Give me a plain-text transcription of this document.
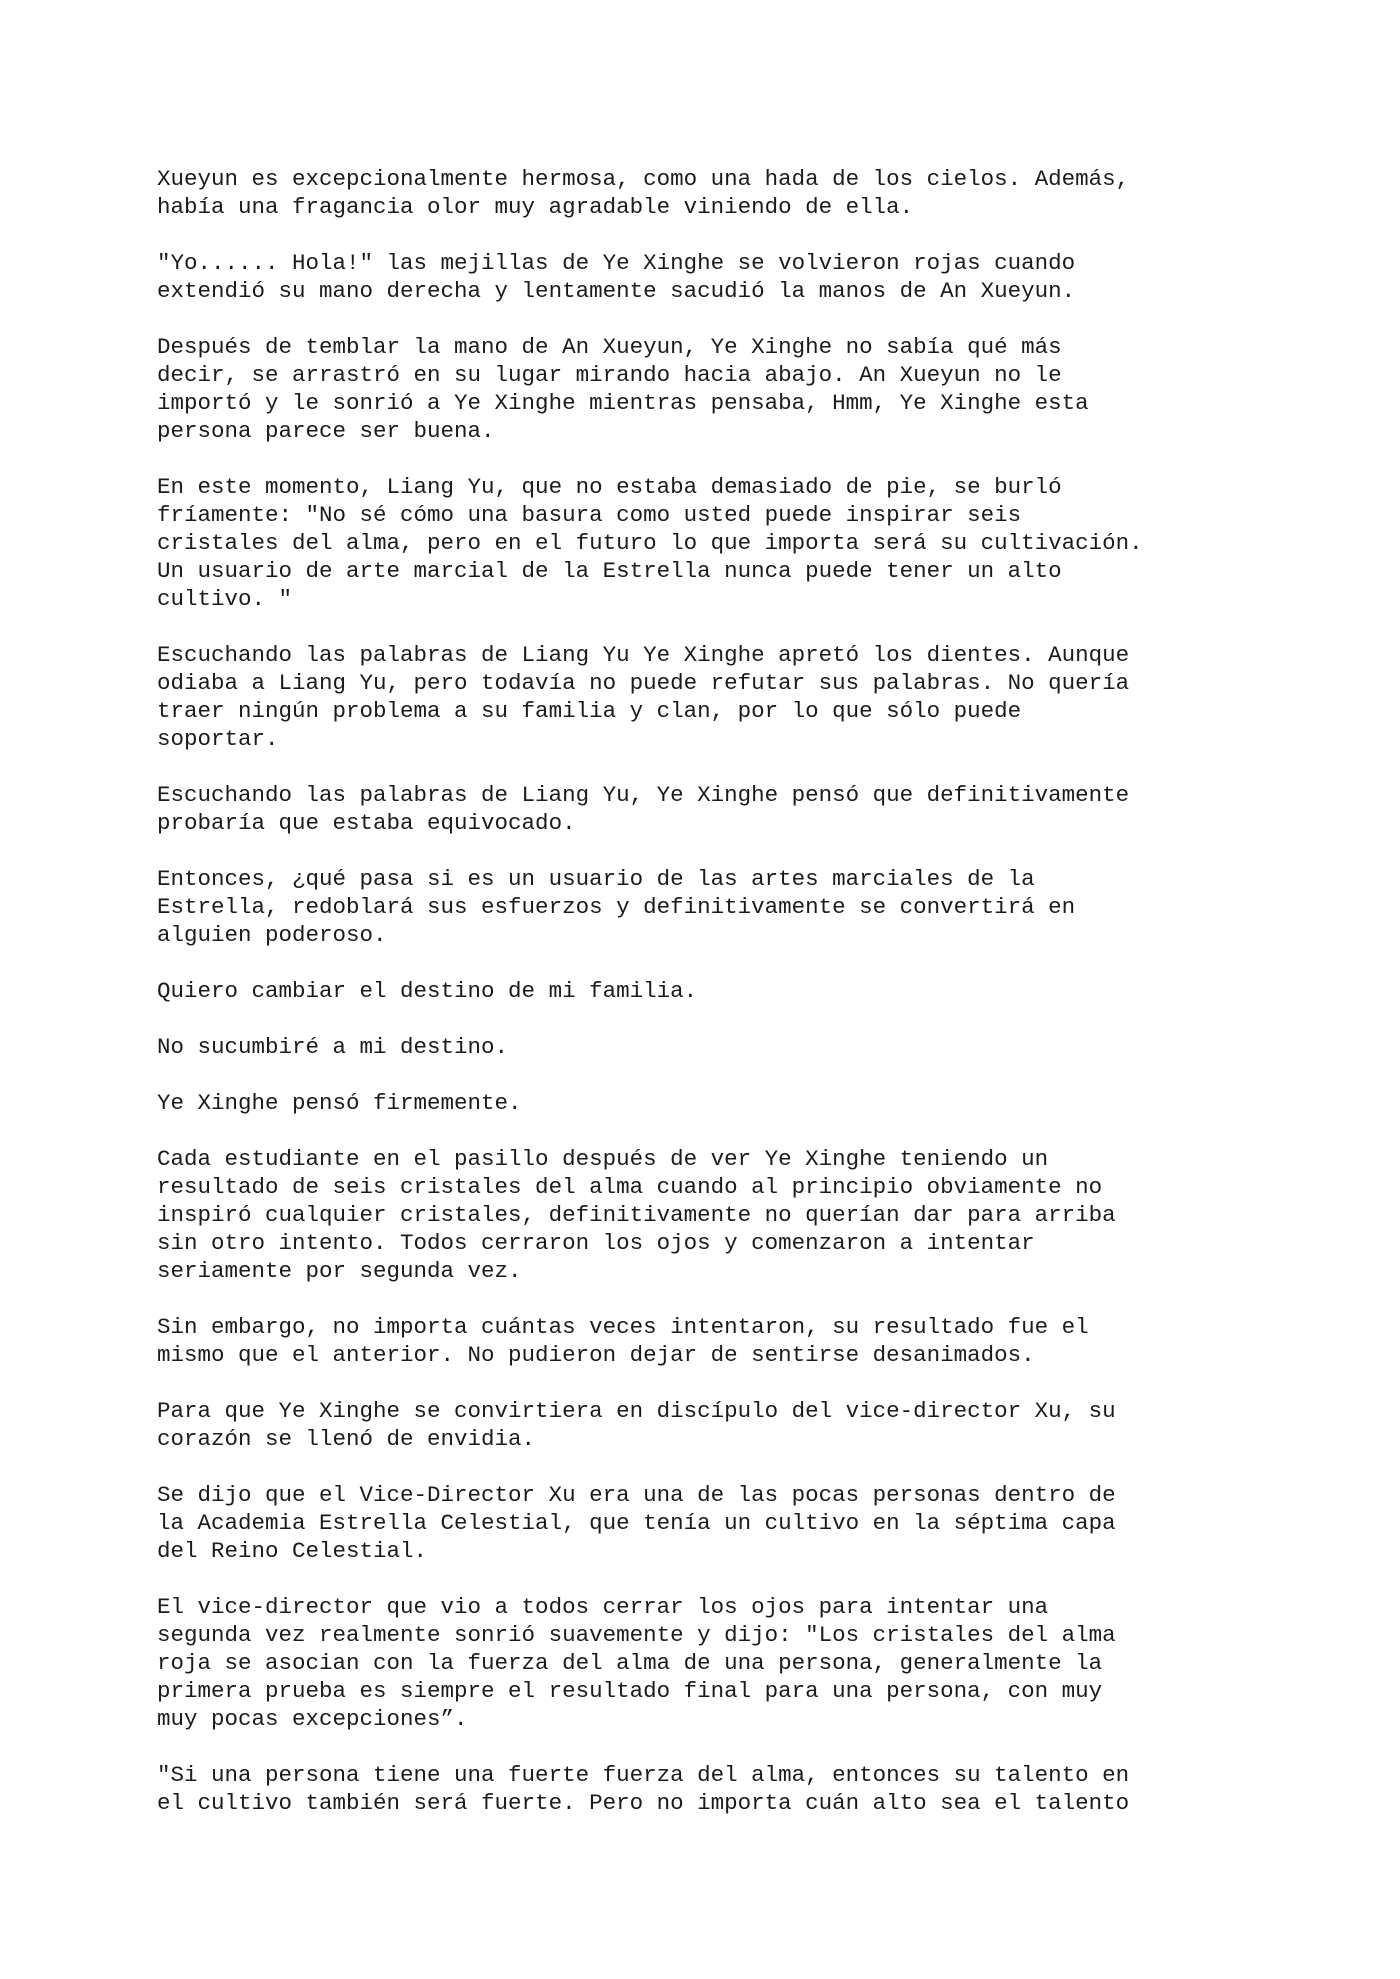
Xueyun es excepcionalmente hermosa, como una hada de los cielos. Además,
había una fragancia olor muy agradable viniendo de ella.

"Yo...... Hola!" las mejillas de Ye Xinghe se volvieron rojas cuando
extendió su mano derecha y lentamente sacudió la manos de An Xueyun.

Después de temblar la mano de An Xueyun, Ye Xinghe no sabía qué más
decir, se arrastró en su lugar mirando hacia abajo. An Xueyun no le
importó y le sonrió a Ye Xinghe mientras pensaba, Hmm, Ye Xinghe esta
persona parece ser buena.

En este momento, Liang Yu, que no estaba demasiado de pie, se burló
fríamente: "No sé cómo una basura como usted puede inspirar seis
cristales del alma, pero en el futuro lo que importa será su cultivación.
Un usuario de arte marcial de la Estrella nunca puede tener un alto
cultivo. "

Escuchando las palabras de Liang Yu Ye Xinghe apretó los dientes. Aunque
odiaba a Liang Yu, pero todavía no puede refutar sus palabras. No quería
traer ningún problema a su familia y clan, por lo que sólo puede
soportar.

Escuchando las palabras de Liang Yu, Ye Xinghe pensó que definitivamente
probaría que estaba equivocado.

Entonces, ¿qué pasa si es un usuario de las artes marciales de la
Estrella, redoblará sus esfuerzos y definitivamente se convertirá en
alguien poderoso.

Quiero cambiar el destino de mi familia.

No sucumbiré a mi destino.

Ye Xinghe pensó firmemente.

Cada estudiante en el pasillo después de ver Ye Xinghe teniendo un
resultado de seis cristales del alma cuando al principio obviamente no
inspiró cualquier cristales, definitivamente no querían dar para arriba
sin otro intento. Todos cerraron los ojos y comenzaron a intentar
seriamente por segunda vez.

Sin embargo, no importa cuántas veces intentaron, su resultado fue el
mismo que el anterior. No pudieron dejar de sentirse desanimados.

Para que Ye Xinghe se convirtiera en discípulo del vice-director Xu, su
corazón se llenó de envidia.

Se dijo que el Vice-Director Xu era una de las pocas personas dentro de
la Academia Estrella Celestial, que tenía un cultivo en la séptima capa
del Reino Celestial.

El vice-director que vio a todos cerrar los ojos para intentar una
segunda vez realmente sonrió suavemente y dijo: "Los cristales del alma
roja se asocian con la fuerza del alma de una persona, generalmente la
primera prueba es siempre el resultado final para una persona, con muy
muy pocas excepciones”.

"Si una persona tiene una fuerte fuerza del alma, entonces su talento en
el cultivo también será fuerte. Pero no importa cuán alto sea el talento
